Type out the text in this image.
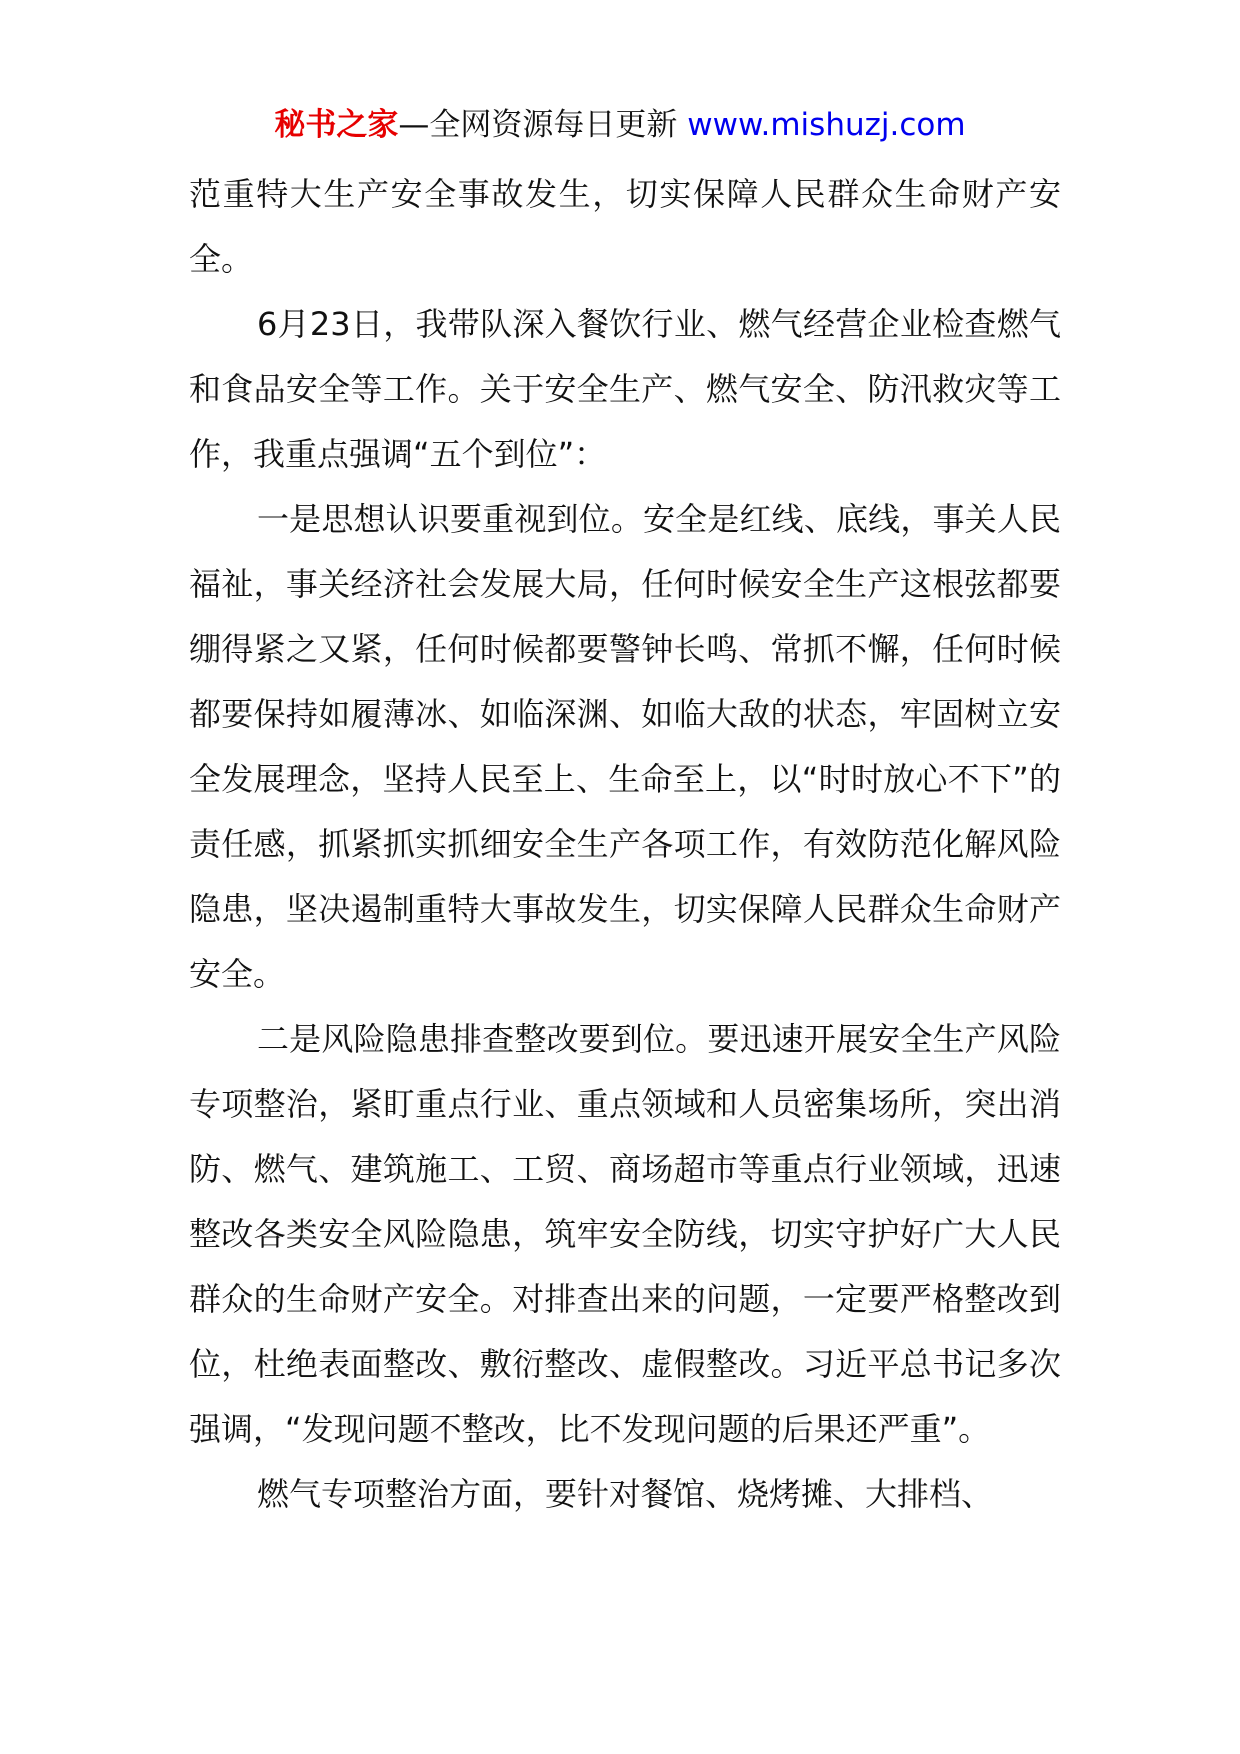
秘书之家—全网资源每日更新 www.mishuzj.com

范重特大生产安全事故发生，切实保障人民群众生命财产安全。

6月23日，我带队深入餐饮行业、燃气经营企业检查燃气和食品安全等工作。关于安全生产、燃气安全、防汛救灾等工作，我重点强调“五个到位”：

一是思想认识要重视到位。安全是红线、底线，事关人民福祉，事关经济社会发展大局，任何时候安全生产这根弦都要绷得紧之又紧，任何时候都要警钟长鸣、常抓不懈，任何时候都要保持如履薄冰、如临深渊、如临大敌的状态，牢固树立安全发展理念，坚持人民至上、生命至上，以“时时放心不下”的责任感，抓紧抓实抓细安全生产各项工作，有效防范化解风险隐患，坚决遏制重特大事故发生，切实保障人民群众生命财产安全。

二是风险隐患排查整改要到位。要迅速开展安全生产风险专项整治，紧盯重点行业、重点领域和人员密集场所，突出消防、燃气、建筑施工、工贸、商场超市等重点行业领域，迅速整改各类安全风险隐患，筑牢安全防线，切实守护好广大人民群众的生命财产安全。对排查出来的问题，一定要严格整改到位，杜绝表面整改、敷衍整改、虚假整改。习近平总书记多次强调，“发现问题不整改，比不发现问题的后果还严重”。

燃气专项整治方面，要针对餐馆、烧烤摊、大排档、
